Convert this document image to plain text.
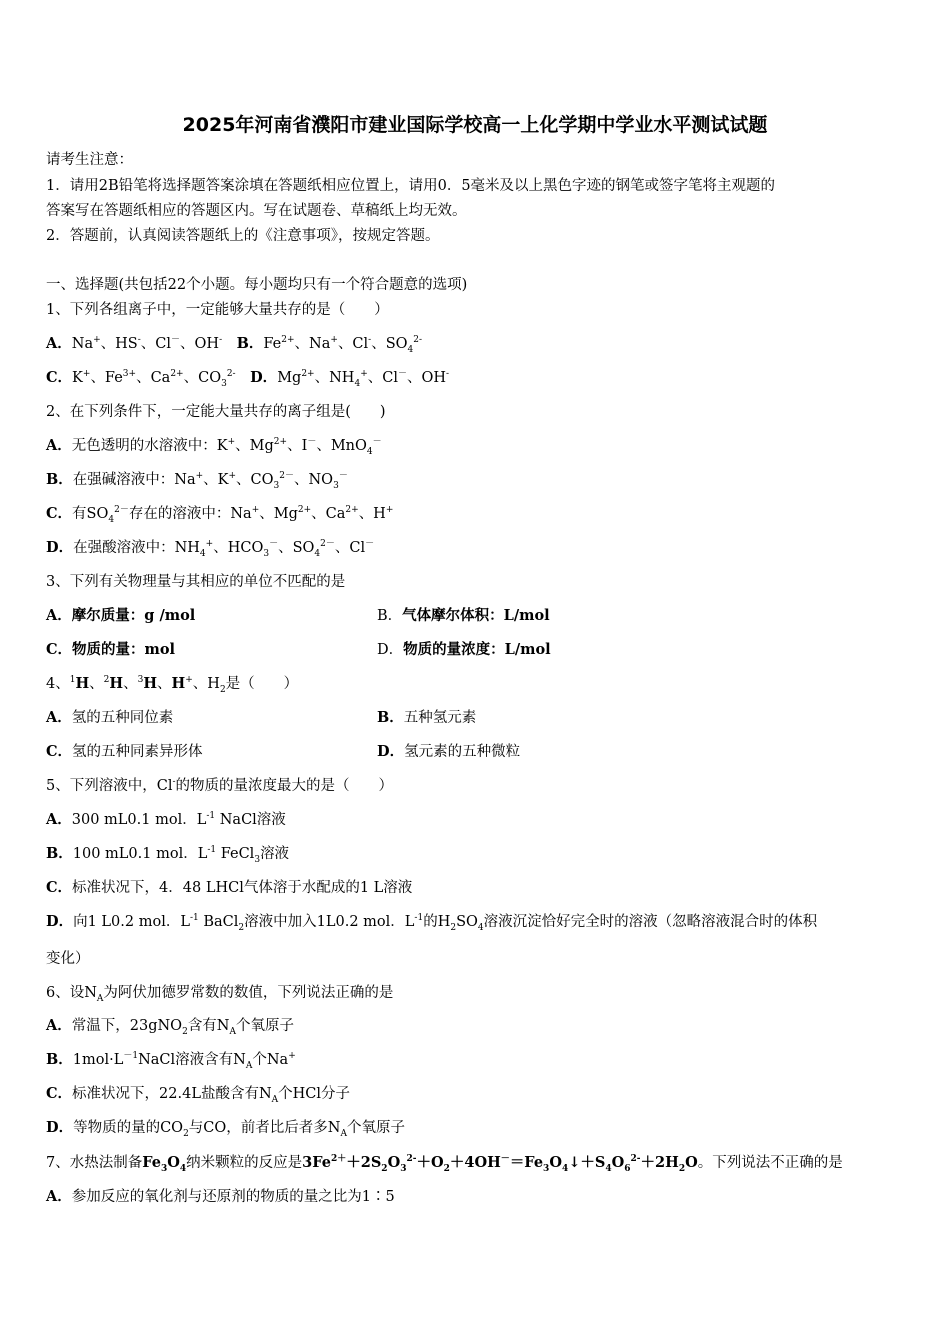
2025年河南省濮阳市建业国际学校高一上化学期中学业水平测试试题
请考生注意：
1．请用2B铅笔将选择题答案涂填在答题纸相应位置上，请用0．5毫米及以上黑色字迹的钢笔或签字笔将主观题的
答案写在答题纸相应的答题区内。写在试题卷、草稿纸上均无效。
2．答题前，认真阅读答题纸上的《注意事项》，按规定答题。
一、选择题(共包括22个小题。每小题均只有一个符合题意的选项)
1、下列各组离子中，一定能够大量共存的是（　　）
A．Na+、HS-、Cl－、OH-　 B．$Fe^{2+}$、Na+、Cl-、$SO_4^{2-}$
C．K+、$Fe^{3+}$、$Ca^{2+}$、$CO_3^{2-}$　 D．$Mg^{2+}$、$NH_4^+$、Cl－、OH-
2、在下列条件下，一定能大量共存的离子组是(　　)
A．无色透明的水溶液中：K+、$Mg^{2+}$、I－、MnO$_4$－
B．在强碱溶液中：Na+、K+、$CO_3^{2-}$、$NO_3^-$
C．有$SO_4^{2-}$存在的溶液中：Na+、$Mg^{2+}$、$Ca^{2+}$、H+
D．在强酸溶液中：$NH_4^+$、$HCO_3^-$、$SO_4^{2-}$、Cl－
3、下列有关物理量与其相应的单位不匹配的是
A．摩尔质量：g /mol	B．气体摩尔体积：L/mol
C．物质的量：mol	D．物质的量浓度：L/mol
4、$^1$H、$^2$H、$^3$H、H+、$H_2$是（　　）
A．氢的五种同位素	B．五种氢元素
C．氢的五种同素异形体	D．氢元素的五种微粒
5、下列溶液中，Cl-的物质的量浓度最大的是（　　）
A．300 mL0.1 mol．$L^{-1}$ NaCl溶液
B．100 mL0.1 mol．$L^{-1}$ FeCl$_3$溶液
C．标准状况下，4．48 LHCl气体溶于水配成的1 L溶液
D．向1 L0.2 mol．$L^{-1}$ BaCl$_2$溶液中加入1L0.2 mol．$L^{-1}$的$H_2SO_4$溶液沉淀恰好完全时的溶液（忽略溶液混合时的体积
变化）
6、设$N_A$为阿伏加德罗常数的数值，下列说法正确的是
A．常温下，23gNO$_2$含有$N_A$个氧原子
B．$1mol\cdot L^{-1}NaCl$溶液含有$N_A$个Na+
C．标准状况下，22.4L盐酸含有$N_A$个HCl分子
D．等物质的量的$CO_2$与CO，前者比后者多$N_A$个氧原子
7、水热法制备$Fe_3O_4$纳米颗粒的反应是$3Fe^{2+}+2S_2O_3^{2-}+O_2+4OH^-=Fe_3O_4↓+S_4O_6^{2-}+2H_2O$。下列说法不正确的是
A．参加反应的氧化剂与还原剂的物质的量之比为1∶5
